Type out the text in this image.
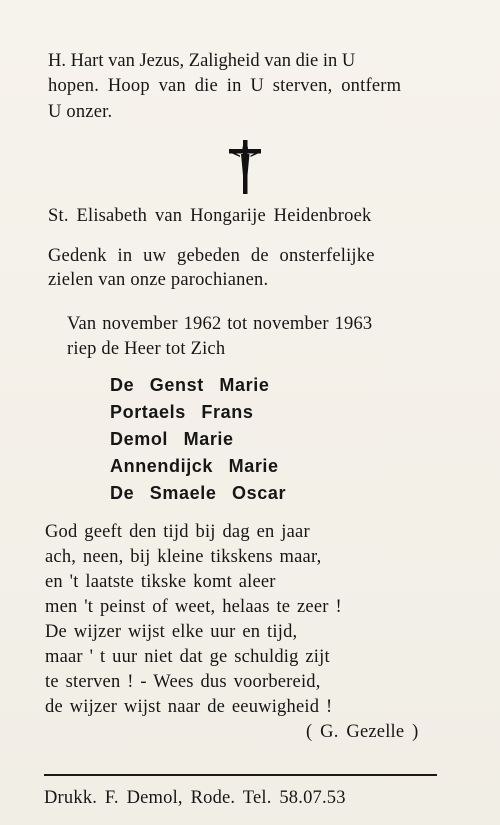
H. Hart van Jezus, Zaligheid van die in U
hopen. Hoop van die in U sterven, ontferm
U onzer.
St. Elisabeth van Hongarije Heidenbroek
Gedenk in uw gebeden de onsterfelijke
zielen van onze parochianen.
Van november 1962 tot november 1963
riep de Heer tot Zich
De Genst Marie
Portaels Frans
Demol Marie
Annendijck Marie
De Smaele Oscar
God geeft den tijd bij dag en jaar
ach, neen, bij kleine tikskens maar,
en 't laatste tikske komt aleer
men 't peinst of weet, helaas te zeer !
De wijzer wijst elke uur en tijd,
maar ' t uur niet dat ge schuldig zijt
te sterven ! - Wees dus voorbereid,
de wijzer wijst naar de eeuwigheid !
( G. Gezelle )
Drukk. F. Demol, Rode. Tel. 58.07.53
